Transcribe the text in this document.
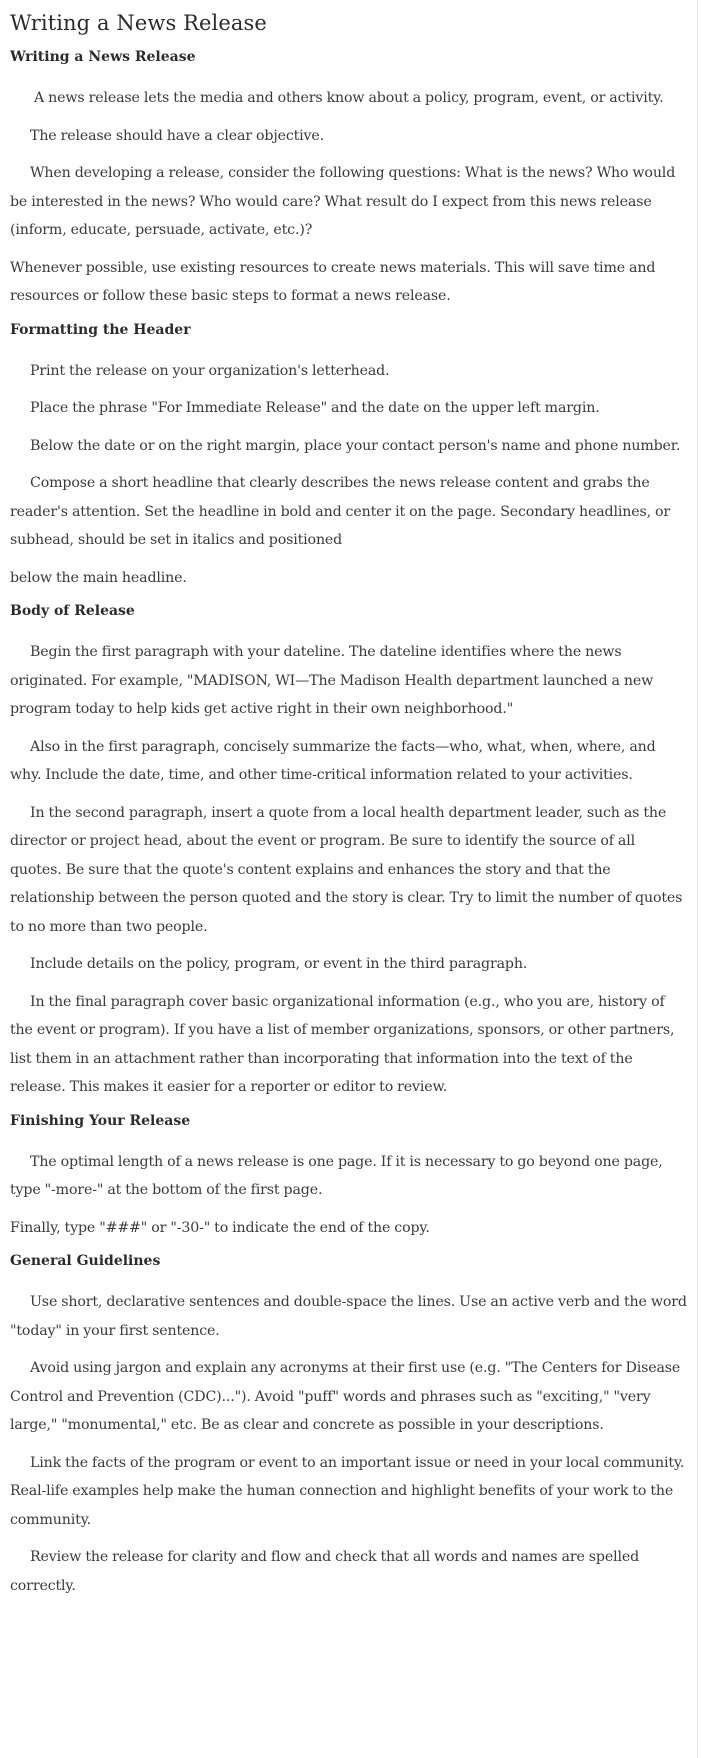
Writing a News Release
Writing a News Release

A news release lets the media and others know about a policy, program, event, or activity.

The release should have a clear objective.

When developing a release, consider the following questions: What is the news? Who would be interested in the news? Who would care? What result do I expect from this news release (inform, educate, persuade, activate, etc.)?

Whenever possible, use existing resources to create news materials. This will save time and resources or follow these basic steps to format a news release.

Formatting the Header

Print the release on your organization's letterhead.

Place the phrase "For Immediate Release" and the date on the upper left margin.

Below the date or on the right margin, place your contact person's name and phone number.

Compose a short headline that clearly describes the news release content and grabs the reader's attention. Set the headline in bold and center it on the page. Secondary headlines, or subhead, should be set in italics and positioned

below the main headline.

Body of Release

Begin the first paragraph with your dateline. The dateline identifies where the news originated. For example, "MADISON, WI—The Madison Health department launched a new program today to help kids get active right in their own neighborhood."

Also in the first paragraph, concisely summarize the facts—who, what, when, where, and why. Include the date, time, and other time-critical information related to your activities.

In the second paragraph, insert a quote from a local health department leader, such as the director or project head, about the event or program. Be sure to identify the source of all quotes. Be sure that the quote's content explains and enhances the story and that the relationship between the person quoted and the story is clear. Try to limit the number of quotes to no more than two people.

Include details on the policy, program, or event in the third paragraph.

In the final paragraph cover basic organizational information (e.g., who you are, history of the event or program). If you have a list of member organizations, sponsors, or other partners, list them in an attachment rather than incorporating that information into the text of the release. This makes it easier for a reporter or editor to review.

Finishing Your Release

The optimal length of a news release is one page. If it is necessary to go beyond one page, type "-more-" at the bottom of the first page.

Finally, type "###" or "-30-" to indicate the end of the copy.

General Guidelines

Use short, declarative sentences and double-space the lines. Use an active verb and the word "today" in your first sentence.

Avoid using jargon and explain any acronyms at their first use (e.g. "The Centers for Disease Control and Prevention (CDC)..."). Avoid "puff" words and phrases such as "exciting," "very large," "monumental," etc. Be as clear and concrete as possible in your descriptions.

Link the facts of the program or event to an important issue or need in your local community. Real-life examples help make the human connection and highlight benefits of your work to the community.

Review the release for clarity and flow and check that all words and names are spelled correctly.
